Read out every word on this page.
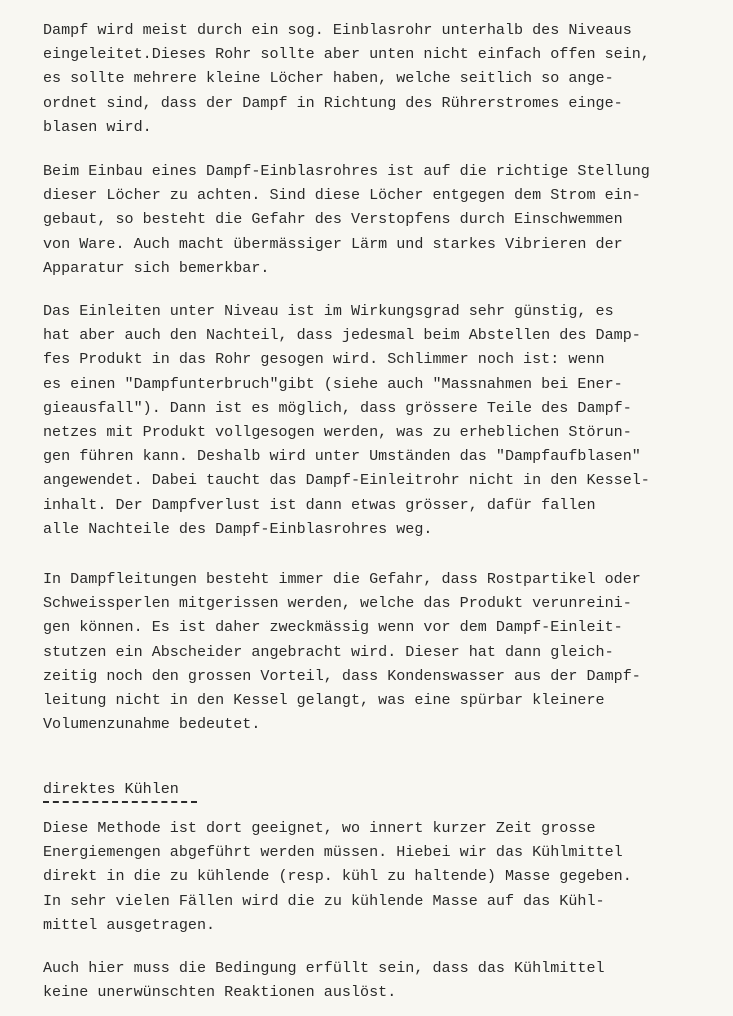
Dampf wird meist durch ein sog. Einblasrohr unterhalb des Niveaus
eingeleitet.Dieses Rohr sollte aber unten nicht einfach offen sein,
es sollte mehrere kleine Löcher haben, welche seitlich so ange-
ordnet sind, dass der Dampf in Richtung des Rührerstromes einge-
blasen wird.

Beim Einbau eines Dampf-Einblasrohres ist auf die richtige Stellung
dieser Löcher zu achten. Sind diese Löcher entgegen dem Strom ein-
gebaut, so besteht die Gefahr des Verstopfens durch Einschwemmen
von Ware. Auch macht übermässiger Lärm und starkes Vibrieren der
Apparatur sich bemerkbar.

Das Einleiten unter Niveau ist im Wirkungsgrad sehr günstig, es
hat aber auch den Nachteil, dass jedesmal beim Abstellen des Damp-
fes Produkt in das Rohr gesogen wird. Schlimmer noch ist: wenn
es einen "Dampfunterbruch"gibt (siehe auch "Massnahmen bei Ener-
gieausfall"). Dann ist es möglich, dass grössere Teile des Dampf-
netzes mit Produkt vollgesogen werden, was zu erheblichen Störun-
gen führen kann. Deshalb wird unter Umständen das "Dampfaufblasen"
angewendet. Dabei taucht das Dampf-Einleitrohr nicht in den Kessel-
inhalt. Der Dampfverlust ist dann etwas grösser, dafür fallen
alle Nachteile des Dampf-Einblasrohres weg.

In Dampfleitungen besteht immer die Gefahr, dass Rostpartikel oder
Schweissperlen mitgerissen werden, welche das Produkt verunreini-
gen können. Es ist daher zweckmässig wenn vor dem Dampf-Einleit-
stutzen ein Abscheider angebracht wird. Dieser hat dann gleich-
zeitig noch den grossen Vorteil, dass Kondenswasser aus der Dampf-
leitung nicht in den Kessel gelangt, was eine spürbar kleinere
Volumenzunahme bedeutet.

direktes Kühlen

Diese Methode ist dort geeignet, wo innert kurzer Zeit grosse
Energiemengen abgeführt werden müssen. Hiebei wir das Kühlmittel
direkt in die zu kühlende (resp. kühl zu haltende) Masse gegeben.
In sehr vielen Fällen wird die zu kühlende Masse auf das Kühl-
mittel ausgetragen.

Auch hier muss die Bedingung erfüllt sein, dass das Kühlmittel
keine unerwünschten Reaktionen auslöst.
